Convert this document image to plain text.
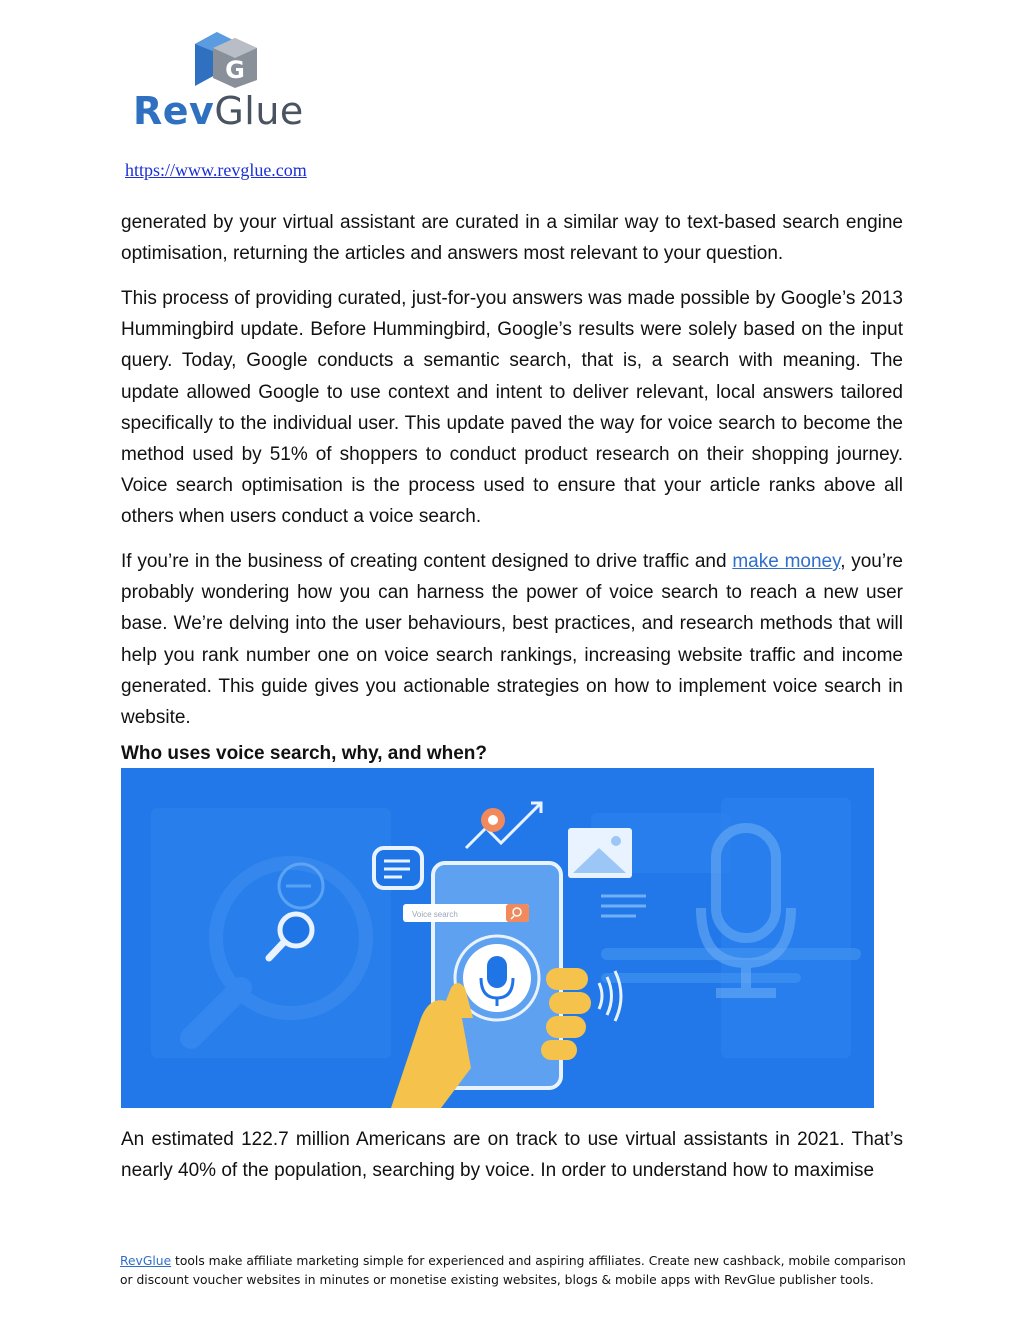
G
RevGlue
https://www.revglue.com

generated by your virtual assistant are curated in a similar way to text-based search engine optimisation, returning the articles and answers most relevant to your question.

This process of providing curated, just-for-you answers was made possible by Google’s 2013 Hummingbird update. Before Hummingbird, Google’s results were solely based on the input query. Today, Google conducts a semantic search, that is, a search with meaning. The update allowed Google to use context and intent to deliver relevant, local answers tailored specifically to the individual user. This update paved the way for voice search to become the method used by 51% of shoppers to conduct product research on their shopping journey. Voice search optimisation is the process used to ensure that your article ranks above all others when users conduct a voice search.

If you’re in the business of creating content designed to drive traffic and make money, you’re probably wondering how you can harness the power of voice search to reach a new user base. We’re delving into the user behaviours, best practices, and research methods that will help you rank number one on voice search rankings, increasing website traffic and income generated. This guide gives you actionable strategies on how to implement voice search in website.

Who uses voice search, why, and when?
Voice search

An estimated 122.7 million Americans are on track to use virtual assistants in 2021. That’s nearly 40% of the population, searching by voice. In order to understand how to maximise

RevGlue tools make affiliate marketing simple for experienced and aspiring affiliates. Create new cashback, mobile comparison or discount voucher websites in minutes or monetise existing websites, blogs & mobile apps with RevGlue publisher tools.
